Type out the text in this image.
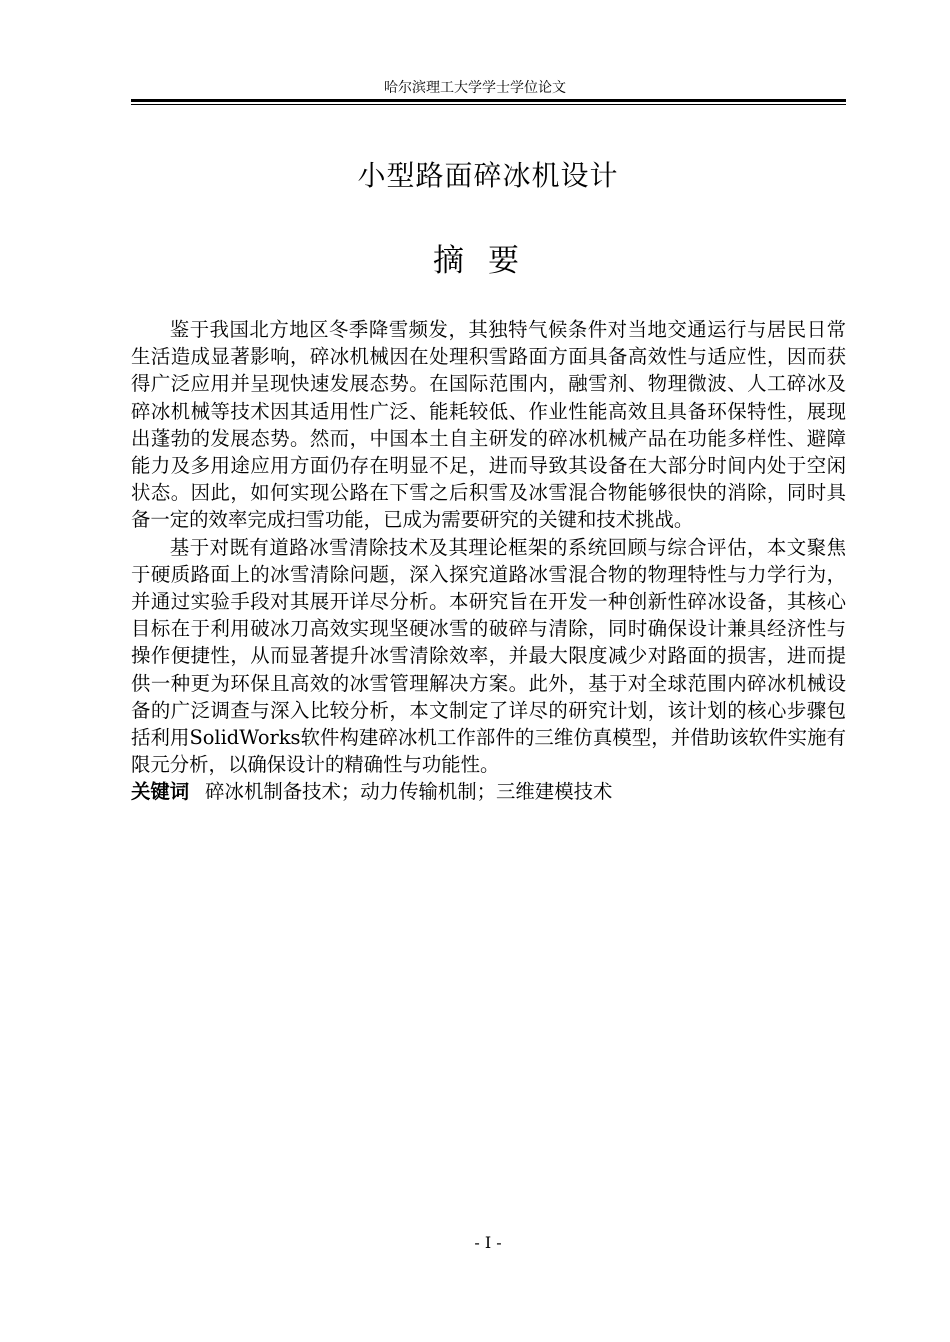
哈尔滨理工大学学士学位论文
小型路面碎冰机设计
摘要

鉴于我国北方地区冬季降雪频发，其独特气候条件对当地交通运行与居民日常生活造成显著影响，碎冰机械因在处理积雪路面方面具备高效性与适应性，因而获得广泛应用并呈现快速发展态势。在国际范围内，融雪剂、物理微波、人工碎冰及碎冰机械等技术因其适用性广泛、能耗较低、作业性能高效且具备环保特性，展现出蓬勃的发展态势。然而，中国本土自主研发的碎冰机械产品在功能多样性、避障能力及多用途应用方面仍存在明显不足，进而导致其设备在大部分时间内处于空闲状态。因此，如何实现公路在下雪之后积雪及冰雪混合物能够很快的消除，同时具备一定的效率完成扫雪功能，已成为需要研究的关键和技术挑战。

基于对既有道路冰雪清除技术及其理论框架的系统回顾与综合评估，本文聚焦于硬质路面上的冰雪清除问题，深入探究道路冰雪混合物的物理特性与力学行为，并通过实验手段对其展开详尽分析。本研究旨在开发一种创新性碎冰设备，其核心目标在于利用破冰刀高效实现坚硬冰雪的破碎与清除，同时确保设计兼具经济性与操作便捷性，从而显著提升冰雪清除效率，并最大限度减少对路面的损害，进而提供一种更为环保且高效的冰雪管理解决方案。此外，基于对全球范围内碎冰机械设备的广泛调查与深入比较分析，本文制定了详尽的研究计划，该计划的核心步骤包括利用SolidWorks软件构建碎冰机工作部件的三维仿真模型，并借助该软件实施有限元分析，以确保设计的精确性与功能性。

关键词 碎冰机制备技术；动力传输机制；三维建模技术
- I -
